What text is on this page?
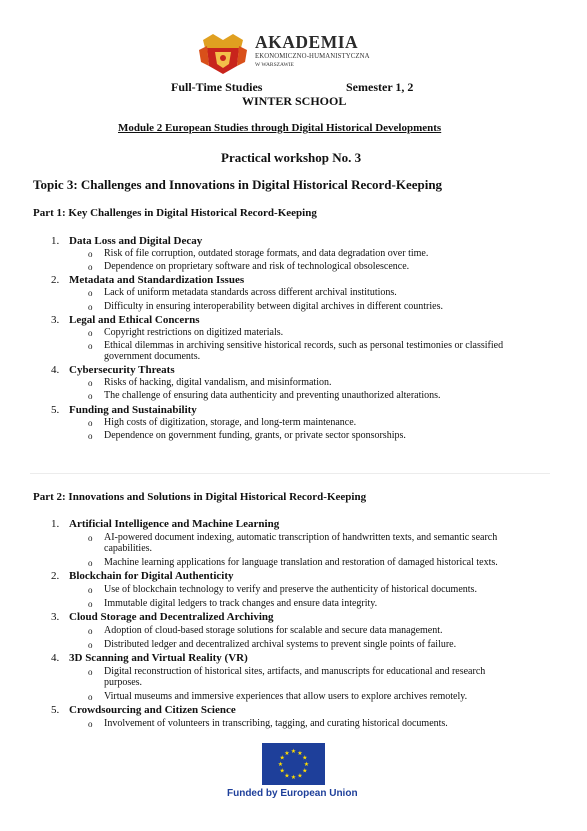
AKADEMIA
EKONOMICZNO-HUMANISTYCZNA
W WARSZAWIE
Full-Time Studies	Semester 1, 2
WINTER SCHOOL
Module 2 European Studies through Digital Historical Developments
Practical workshop No. 3
Topic 3: Challenges and Innovations in Digital Historical Record-Keeping
Part 1: Key Challenges in Digital Historical Record-Keeping
1. Data Loss and Digital Decay
o Risk of file corruption, outdated storage formats, and data degradation over time.
o Dependence on proprietary software and risk of technological obsolescence.
2. Metadata and Standardization Issues
o Lack of uniform metadata standards across different archival institutions.
o Difficulty in ensuring interoperability between digital archives in different countries.
3. Legal and Ethical Concerns
o Copyright restrictions on digitized materials.
o Ethical dilemmas in archiving sensitive historical records, such as personal testimonies or classified
government documents.
4. Cybersecurity Threats
o Risks of hacking, digital vandalism, and misinformation.
o The challenge of ensuring data authenticity and preventing unauthorized alterations.
5. Funding and Sustainability
o High costs of digitization, storage, and long-term maintenance.
o Dependence on government funding, grants, or private sector sponsorships.
Part 2: Innovations and Solutions in Digital Historical Record-Keeping
1. Artificial Intelligence and Machine Learning
o AI-powered document indexing, automatic transcription of handwritten texts, and semantic search
capabilities.
o Machine learning applications for language translation and restoration of damaged historical texts.
2. Blockchain for Digital Authenticity
o Use of blockchain technology to verify and preserve the authenticity of historical documents.
o Immutable digital ledgers to track changes and ensure data integrity.
3. Cloud Storage and Decentralized Archiving
o Adoption of cloud-based storage solutions for scalable and secure data management.
o Distributed ledger and decentralized archival systems to prevent single points of failure.
4. 3D Scanning and Virtual Reality (VR)
o Digital reconstruction of historical sites, artifacts, and manuscripts for educational and research
purposes.
o Virtual museums and immersive experiences that allow users to explore archives remotely.
5. Crowdsourcing and Citizen Science
o Involvement of volunteers in transcribing, tagging, and curating historical documents.
★
★
★
★
★
★
★
★
★ ★ ★
★
Funded by European Union
